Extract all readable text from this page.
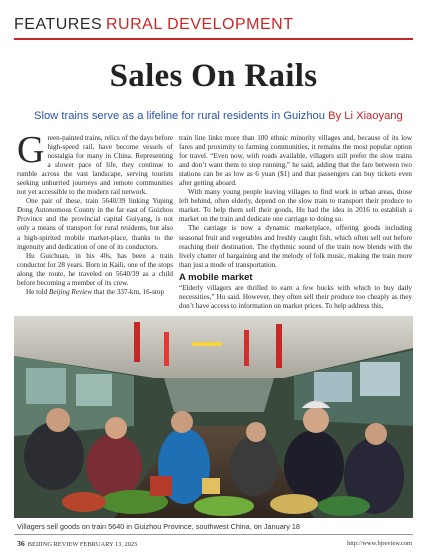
FEATURES RURAL DEVELOPMENT
Sales On Rails
Slow trains serve as a lifeline for rural residents in Guizhou By Li Xiaoyang

Green-painted trains, relics of the days before high-speed rail, have become vessels of nostalgia for many in China. Representing a slower pace of life, they continue to rumble across the vast landscape, serving tourists seeking unhurried journeys and remote communities not yet accessible to the modern rail network.

One pair of these, train 5640/39 linking Yuping Dong Autonomous County in the far east of Guizhou Province and the provincial capital Guiyang, is not only a means of transport for rural residents, but also a high-spirited mobile market-place, thanks to the ingenuity and dedication of one of its conductors.

Hu Guichuan, in his 40s, has been a train conductor for 28 years. Born in Kaili, one of the stops along the route, he traveled on 5640/39 as a child before becoming a member of its crew.

He told Beijing Review that the 337-km, 16-stop

train line links more than 100 ethnic minority villages and, because of its low fares and proximity to farming communities, it remains the most popular option for travel. “Even now, with roads available, villagers still prefer the slow trains and don’t want them to stop running,” he said, adding that the fare between two stations can be as low as 6 yuan ($1) and that passengers can buy tickets even after getting aboard.

With many young people leaving villages to find work in urban areas, those left behind, often elderly, depend on the slow train to transport their produce to market. To help them sell their goods, Hu had the idea in 2016 to establish a market on the train and dedicate one carriage to doing so.

The carriage is now a dynamic marketplace, offering goods including seasonal fruit and vegetables and freshly caught fish, which often sell out before reaching their destination. The rhythmic sound of the train now blends with the lively chatter of bargaining and the melody of folk music, making the train more than just a mode of transportation.

A mobile market

“Elderly villagers are thrilled to earn a few bucks with which to buy daily necessities,” Hu said. However, they often sell their produce too cheaply as they don’t have access to information on market prices. To help address this,

Villagers sell goods on train 5640 in Guizhou Province, southwest China, on January 18
36 BEIJING REVIEW FEBRUARY 13, 2025	http://www.bjreview.com
